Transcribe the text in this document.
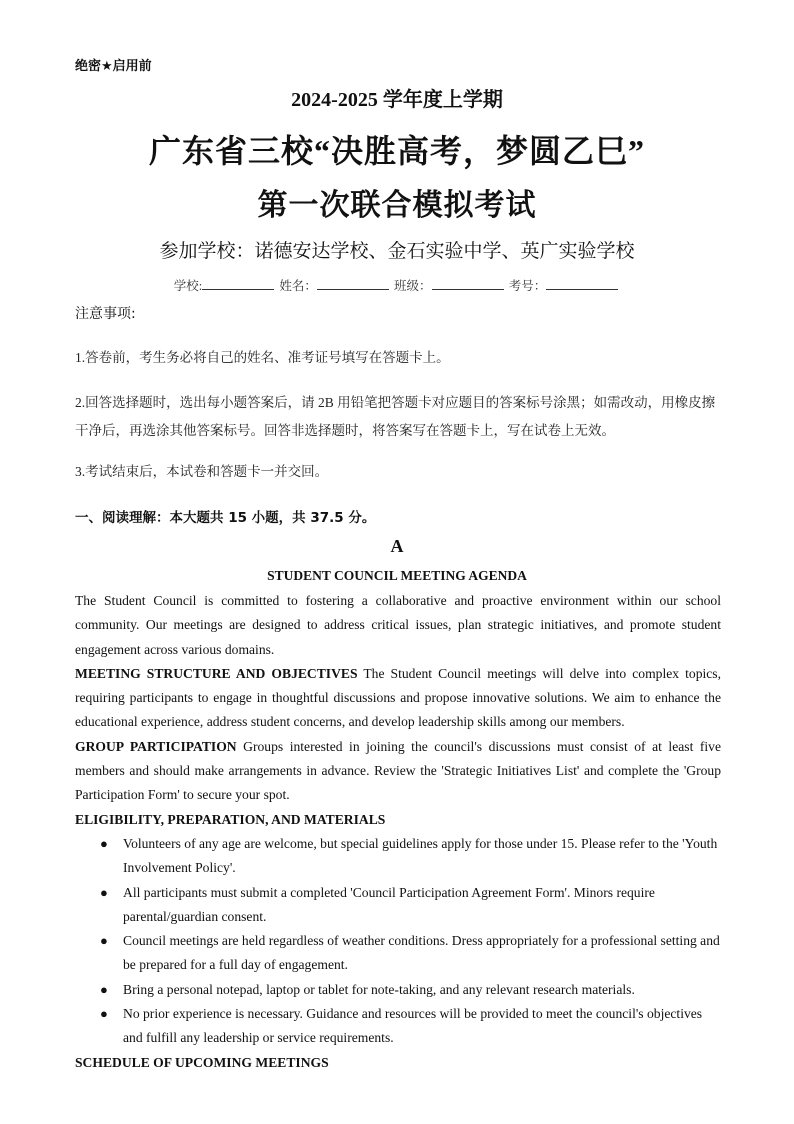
绝密★启用前
2024-2025 学年度上学期
广东省三校“决胜高考，梦圆乙巳”
第一次联合模拟考试
参加学校：诺德安达学校、金石实验中学、英广实验学校
学校:	姓名：	班级：	考号：
注意事项:
1.答卷前，考生务必将自己的姓名、准考证号填写在答题卡上。
2.回答选择题时，选出每小题答案后，请 2B 用铅笔把答题卡对应题目的答案标号涂黑；如需改动，用橡皮擦干净后，再选涂其他答案标号。回答非选择题时，将答案写在答题卡上，写在试卷上无效。
3.考试结束后，本试卷和答题卡一并交回。
一、阅读理解：本大题共 15 小题，共 37.5 分。
A
STUDENT COUNCIL MEETING AGENDA

The Student Council is committed to fostering a collaborative and proactive environment within our school community. Our meetings are designed to address critical issues, plan strategic initiatives, and promote student engagement across various domains.

MEETING STRUCTURE AND OBJECTIVES The Student Council meetings will delve into complex topics, requiring participants to engage in thoughtful discussions and propose innovative solutions. We aim to enhance the educational experience, address student concerns, and develop leadership skills among our members.

GROUP PARTICIPATION Groups interested in joining the council's discussions must consist of at least five members and should make arrangements in advance. Review the 'Strategic Initiatives List' and complete the 'Group Participation Form' to secure your spot.

ELIGIBILITY, PREPARATION, AND MATERIALS

● Volunteers of any age are welcome, but special guidelines apply for those under 15. Please refer to the 'Youth Involvement Policy'.
● All participants must submit a completed 'Council Participation Agreement Form'. Minors require parental/guardian consent.
● Council meetings are held regardless of weather conditions. Dress appropriately for a professional setting and be prepared for a full day of engagement.
● Bring a personal notepad, laptop or tablet for note-taking, and any relevant research materials.
● No prior experience is necessary. Guidance and resources will be provided to meet the council's objectives and fulfill any leadership or service requirements.

SCHEDULE OF UPCOMING MEETINGS
